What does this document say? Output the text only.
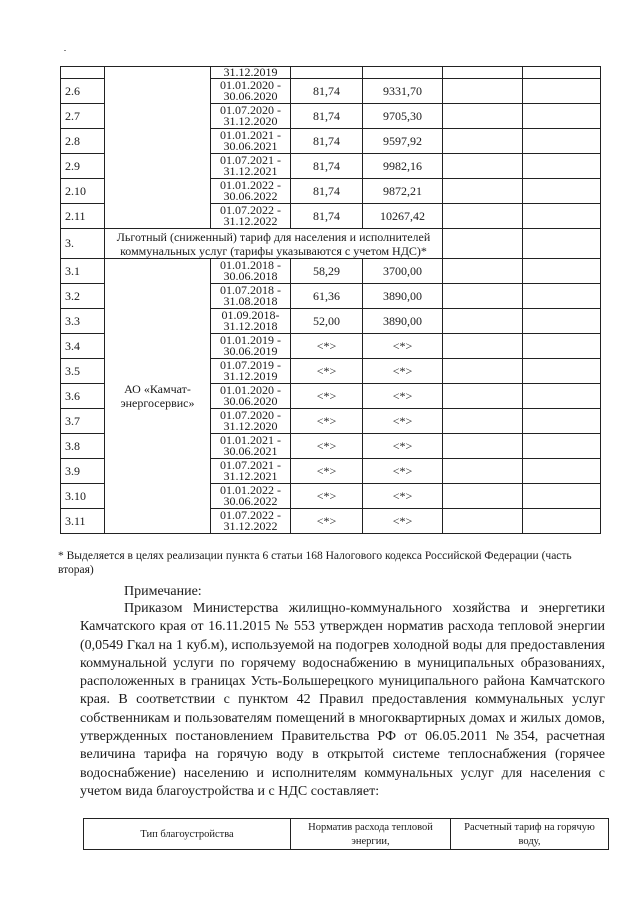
		31.12.2019				
2.6		01.01.2020 - 30.06.2020	81,74	9331,70		
2.7		01.07.2020 - 31.12.2020	81,74	9705,30		
2.8		01.01.2021 - 30.06.2021	81,74	9597,92		
2.9		01.07.2021 - 31.12.2021	81,74	9982,16		
2.10		01.01.2022 - 30.06.2022	81,74	9872,21		
2.11		01.07.2022 - 31.12.2022	81,74	10267,42		
3.	Льготный (сниженный) тариф для населения и исполнителей коммунальных услуг (тарифы указываются с учетом НДС)*					
3.1	АО «Камчат-энергосервис»	01.01.2018 - 30.06.2018	58,29	3700,00		
3.2		01.07.2018 - 31.08.2018	61,36	3890,00		
3.3		01.09.2018- 31.12.2018	52,00	3890,00		
3.4		01.01.2019 - 30.06.2019	<*>	<*>		
3.5		01.07.2019 - 31.12.2019	<*>	<*>		
3.6		01.01.2020 - 30.06.2020	<*>	<*>		
3.7		01.07.2020 - 31.12.2020	<*>	<*>		
3.8		01.01.2021 - 30.06.2021	<*>	<*>		
3.9		01.07.2021 - 31.12.2021	<*>	<*>		
3.10		01.01.2022 - 30.06.2022	<*>	<*>		
3.11		01.07.2022 - 31.12.2022	<*>	<*>		
* Выделяется в целях реализации пункта 6 статьи 168 Налогового кодекса Российской Федерации (часть вторая)
Примечание:
Приказом Министерства жилищно-коммунального хозяйства и энергетики Камчатского края от 16.11.2015 № 553 утвержден норматив расхода тепловой энергии (0,0549 Гкал на 1 куб.м), используемой на подогрев холодной воды для предоставления коммунальной услуги по горячему водоснабжению в муниципальных образованиях, расположенных в границах Усть-Большерецкого муниципального района Камчатского края. В соответствии с пунктом 42 Правил предоставления коммунальных услуг собственникам и пользователям помещений в многоквартирных домах и жилых домов, утвержденных постановлением Правительства РФ от 06.05.2011 №354, расчетная величина тарифа на горячую воду в открытой системе теплоснабжения (горячее водоснабжение) населению и исполнителям коммунальных услуг для населения с учетом вида благоустройства и с НДС составляет:
Тип благоустройства	Норматив расхода тепловой энергии,	Расчетный тариф на горячую воду,
